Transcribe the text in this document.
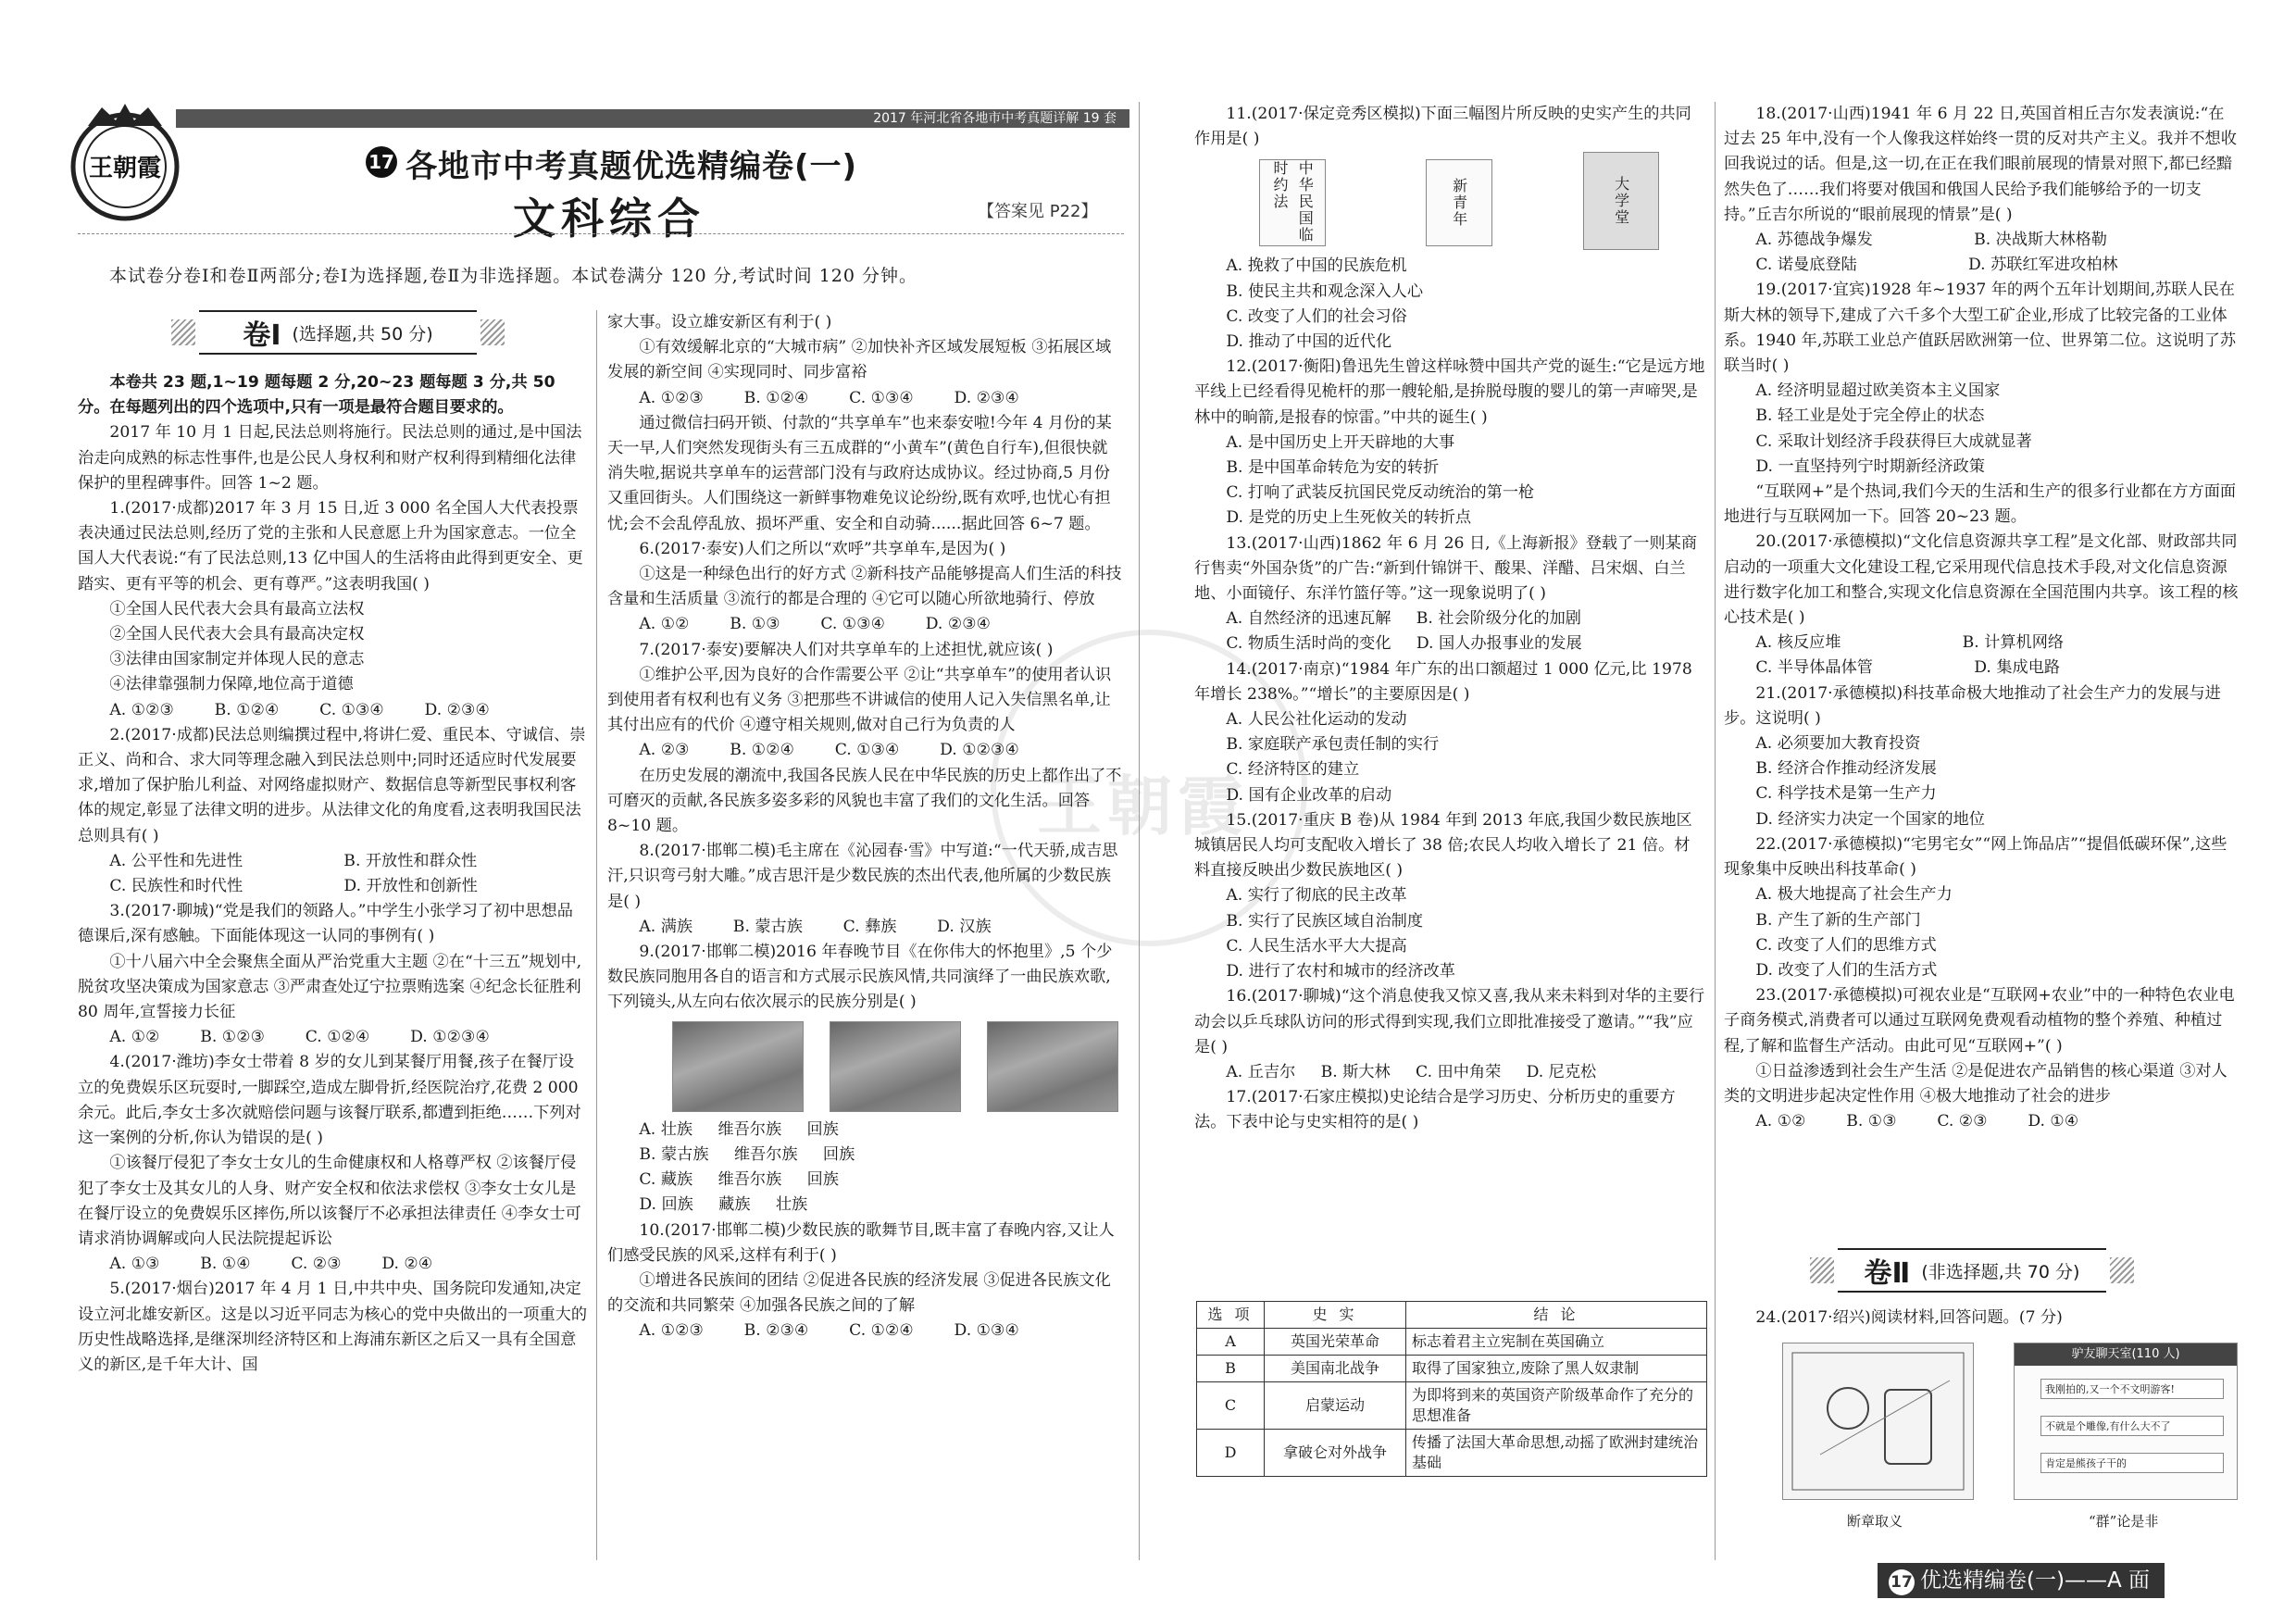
2017 年河北省各地市中考真题详解 19 套
王朝霞	17 各地市中考真题优选精编卷(一)
文科综合	【答案见 P22】
本试卷分卷Ⅰ和卷Ⅱ两部分;卷Ⅰ为选择题,卷Ⅱ为非选择题。本试卷满分 120 分,考试时间 120 分钟。
王朝霞
卷Ⅰ (选择题,共 50 分)

本卷共 23 题,1~19 题每题 2 分,20~23 题每题 3 分,共 50 分。在每题列出的四个选项中,只有一项是最符合题目要求的。

2017 年 10 月 1 日起,民法总则将施行。民法总则的通过,是中国法治走向成熟的标志性事件,也是公民人身权利和财产权利得到精细化法律保护的里程碑事件。回答 1~2 题。

1.(2017·成都)2017 年 3 月 15 日,近 3 000 名全国人大代表投票表决通过民法总则,经历了党的主张和人民意愿上升为国家意志。一位全国人大代表说:“有了民法总则,13 亿中国人的生活将由此得到更安全、更踏实、更有平等的机会、更有尊严。”这表明我国( )

①全国人民代表大会具有最高立法权

②全国人民代表大会具有最高决定权

③法律由国家制定并体现人民的意志

④法律靠强制力保障,地位高于道德

A. ①②③        B. ①②④        C. ①③④        D. ②③④

2.(2017·成都)民法总则编撰过程中,将讲仁爱、重民本、守诚信、崇正义、尚和合、求大同等理念融入到民法总则中;同时还适应时代发展要求,增加了保护胎儿利益、对网络虚拟财产、数据信息等新型民事权利客体的规定,彰显了法律文明的进步。从法律文化的角度看,这表明我国民法总则具有( )

A. 公平性和先进性                    B. 开放性和群众性

C. 民族性和时代性                    D. 开放性和创新性

3.(2017·聊城)“党是我们的领路人。”中学生小张学习了初中思想品德课后,深有感触。下面能体现这一认同的事例有( )

①十八届六中全会聚焦全面从严治党重大主题 ②在“十三五”规划中,脱贫攻坚决策成为国家意志 ③严肃查处辽宁拉票贿选案 ④纪念长征胜利 80 周年,宣誓接力长征

A. ①②        B. ①②③        C. ①②④        D. ①②③④

4.(2017·潍坊)李女士带着 8 岁的女儿到某餐厅用餐,孩子在餐厅设立的免费娱乐区玩耍时,一脚踩空,造成左脚骨折,经医院治疗,花费 2 000 余元。此后,李女士多次就赔偿问题与该餐厅联系,都遭到拒绝……下列对这一案例的分析,你认为错误的是( )

①该餐厅侵犯了李女士女儿的生命健康权和人格尊严权 ②该餐厅侵犯了李女士及其女儿的人身、财产安全权和依法求偿权 ③李女士女儿是在餐厅设立的免费娱乐区摔伤,所以该餐厅不必承担法律责任 ④李女士可请求消协调解或向人民法院提起诉讼

A. ①③        B. ①④        C. ②③        D. ②④

5.(2017·烟台)2017 年 4 月 1 日,中共中央、国务院印发通知,决定设立河北雄安新区。这是以习近平同志为核心的党中央做出的一项重大的历史性战略选择,是继深圳经济特区和上海浦东新区之后又一具有全国意义的新区,是千年大计、国

家大事。设立雄安新区有利于( )

①有效缓解北京的“大城市病” ②加快补齐区域发展短板 ③拓展区域发展的新空间 ④实现同时、同步富裕

A. ①②③        B. ①②④        C. ①③④        D. ②③④

通过微信扫码开锁、付款的“共享单车”也来泰安啦!今年 4 月份的某天一早,人们突然发现街头有三五成群的“小黄车”(黄色自行车),但很快就消失啦,据说共享单车的运营部门没有与政府达成协议。经过协商,5 月份又重回街头。人们围绕这一新鲜事物难免议论纷纷,既有欢呼,也忧心有担忧;会不会乱停乱放、损坏严重、安全和自动骑......据此回答 6~7 题。

6.(2017·泰安)人们之所以“欢呼”共享单车,是因为( )

①这是一种绿色出行的好方式 ②新科技产品能够提高人们生活的科技含量和生活质量 ③流行的都是合理的 ④它可以随心所欲地骑行、停放

A. ①②        B. ①③        C. ①③④        D. ②③④

7.(2017·泰安)要解决人们对共享单车的上述担忧,就应该( )

①维护公平,因为良好的合作需要公平 ②让“共享单车”的使用者认识到使用者有权利也有义务 ③把那些不讲诚信的使用人记入失信黑名单,让其付出应有的代价 ④遵守相关规则,做对自己行为负责的人

A. ②③        B. ①②④        C. ①③④        D. ①②③④

在历史发展的潮流中,我国各民族人民在中华民族的历史上都作出了不可磨灭的贡献,各民族多姿多彩的风貌也丰富了我们的文化生活。回答 8~10 题。

8.(2017·邯郸二模)毛主席在《沁园春·雪》中写道:“一代天骄,成吉思汗,只识弯弓射大雕。”成吉思汗是少数民族的杰出代表,他所属的少数民族是( )

A. 满族        B. 蒙古族        C. 彝族        D. 汉族

9.(2017·邯郸二模)2016 年春晚节目《在你伟大的怀抱里》,5 个少数民族同胞用各自的语言和方式展示民族风情,共同演绎了一曲民族欢歌,下列镜头,从左向右依次展示的民族分别是( )

A. 壮族     维吾尔族     回族

B. 蒙古族     维吾尔族     回族

C. 藏族     维吾尔族     回族

D. 回族     藏族     壮族

10.(2017·邯郸二模)少数民族的歌舞节目,既丰富了春晚内容,又让人们感受民族的风采,这样有利于( )

①增进各民族间的团结 ②促进各民族的经济发展 ③促进各民族文化的交流和共同繁荣 ④加强各民族之间的了解

A. ①②③        B. ②③④        C. ①②④        D. ①③④

11.(2017·保定竞秀区模拟)下面三幅图片所反映的史实产生的共同作用是( )

中华民国临时约法	新青年	大学堂

A. 挽救了中国的民族危机

B. 使民主共和观念深入人心

C. 改变了人们的社会习俗

D. 推动了中国的近代化

12.(2017·衡阳)鲁迅先生曾这样咏赞中国共产党的诞生:“它是远方地平线上已经看得见桅杆的那一艘轮船,是拚脱母腹的婴儿的第一声啼哭,是林中的晌箭,是报春的惊雷。”中共的诞生( )

A. 是中国历史上开天辟地的大事

B. 是中国革命转危为安的转折

C. 打响了武装反抗国民党反动统治的第一枪

D. 是党的历史上生死攸关的转折点

13.(2017·山西)1862 年 6 月 26 日,《上海新报》登载了一则某商行售卖“外国杂货”的广告:“新到什锦饼干、酸果、洋醋、吕宋烟、白兰地、小面镜仔、东洋竹篮仔等。”这一现象说明了( )

A. 自然经济的迅速瓦解     B. 社会阶级分化的加剧

C. 物质生活时尚的变化     D. 国人办报事业的发展

14.(2017·南京)“1984 年广东的出口额超过 1 000 亿元,比 1978 年增长 238%。”“增长”的主要原因是( )

A. 人民公社化运动的发动

B. 家庭联产承包责任制的实行

C. 经济特区的建立

D. 国有企业改革的启动

15.(2017·重庆 B 卷)从 1984 年到 2013 年底,我国少数民族地区城镇居民人均可支配收入增长了 38 倍;农民人均收入增长了 21 倍。材料直接反映出少数民族地区( )

A. 实行了彻底的民主改革

B. 实行了民族区域自治制度

C. 人民生活水平大大提高

D. 进行了农村和城市的经济改革

16.(2017·聊城)“这个消息使我又惊又喜,我从来未料到对华的主要行动会以乒乓球队访问的形式得到实现,我们立即批准接受了邀请。”“我”应是( )

A. 丘吉尔     B. 斯大林     C. 田中角荣     D. 尼克松

17.(2017·石家庄模拟)史论结合是学习历史、分析历史的重要方法。下表中论与史实相符的是( )

选 项	史 实	结 论
A	英国光荣革命	标志着君主立宪制在英国确立
B	美国南北战争	取得了国家独立,废除了黑人奴隶制
C	启蒙运动	为即将到来的英国资产阶级革命作了充分的思想准备
D	拿破仑对外战争	传播了法国大革命思想,动摇了欧洲封建统治基础

18.(2017·山西)1941 年 6 月 22 日,英国首相丘吉尔发表演说:“在过去 25 年中,没有一个人像我这样始终一贯的反对共产主义。我并不想收回我说过的话。但是,这一切,在正在我们眼前展现的情景对照下,都已经黯然失色了……我们将要对俄国和俄国人民给予我们能够给予的一切支持。”丘吉尔所说的“眼前展现的情景”是( )

A. 苏德战争爆发                    B. 决战斯大林格勒

C. 诺曼底登陆                      D. 苏联红军进攻柏林

19.(2017·宜宾)1928 年~1937 年的两个五年计划期间,苏联人民在斯大林的领导下,建成了六千多个大型工矿企业,形成了比较完备的工业体系。1940 年,苏联工业总产值跃居欧洲第一位、世界第二位。这说明了苏联当时( )

A. 经济明显超过欧美资本主义国家

B. 轻工业是处于完全停止的状态

C. 采取计划经济手段获得巨大成就显著

D. 一直坚持列宁时期新经济政策

“互联网+”是个热词,我们今天的生活和生产的很多行业都在方方面面地进行与互联网加一下。回答 20~23 题。

20.(2017·承德模拟)“文化信息资源共享工程”是文化部、财政部共同启动的一项重大文化建设工程,它采用现代信息技术手段,对文化信息资源进行数字化加工和整合,实现文化信息资源在全国范围内共享。该工程的核心技术是( )

A. 核反应堆                        B. 计算机网络

C. 半导体晶体管                    D. 集成电路

21.(2017·承德模拟)科技革命极大地推动了社会生产力的发展与进步。这说明( )

A. 必须要加大教育投资

B. 经济合作推动经济发展

C. 科学技术是第一生产力

D. 经济实力决定一个国家的地位

22.(2017·承德模拟)“宅男宅女”“网上饰品店”“提倡低碳环保”,这些现象集中反映出科技革命( )

A. 极大地提高了社会生产力

B. 产生了新的生产部门

C. 改变了人们的思维方式

D. 改变了人们的生活方式

23.(2017·承德模拟)可视农业是“互联网+农业”中的一种特色农业电子商务模式,消费者可以通过互联网免费观看动植物的整个养殖、种植过程,了解和监督生产活动。由此可见“互联网+”( )

①日益渗透到社会生产生活 ②是促进农产品销售的核心渠道 ③对人类的文明进步起决定性作用 ④极大地推动了社会的进步

A. ①②        B. ①③        C. ②③        D. ①④

卷Ⅱ (非选择题,共 70 分)

24.(2017·绍兴)阅读材料,回答问题。(7 分)

驴友聊天室(110 人)
我刚拍的,又一个不文明游客!
不就是个雕像,有什么大不了
肯定是熊孩子干的
断章取义	“群”论是非
17 优选精编卷(一)——A 面
